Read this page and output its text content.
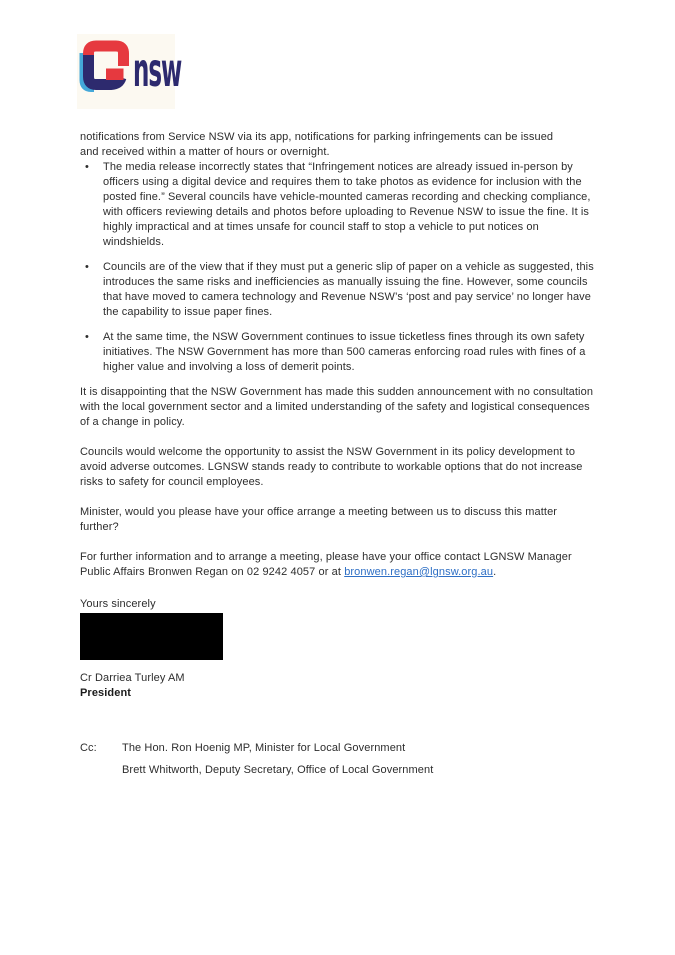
nsw

notifications from Service NSW via its app, notifications for parking infringements can be issued and received within a matter of hours or overnight.

• The media release incorrectly states that “Infringement notices are already issued in-person by officers using a digital device and requires them to take photos as evidence for inclusion with the posted fine.” Several councils have vehicle-mounted cameras recording and checking compliance, with officers reviewing details and photos before uploading to Revenue NSW to issue the fine. It is highly impractical and at times unsafe for council staff to stop a vehicle to put notices on windshields.
• Councils are of the view that if they must put a generic slip of paper on a vehicle as suggested, this introduces the same risks and inefficiencies as manually issuing the fine. However, some councils that have moved to camera technology and Revenue NSW’s ‘post and pay service’ no longer have the capability to issue paper fines.
• At the same time, the NSW Government continues to issue ticketless fines through its own safety initiatives. The NSW Government has more than 500 cameras enforcing road rules with fines of a higher value and involving a loss of demerit points.

It is disappointing that the NSW Government has made this sudden announcement with no consultation with the local government sector and a limited understanding of the safety and logistical consequences of a change in policy.

Councils would welcome the opportunity to assist the NSW Government in its policy development to avoid adverse outcomes. LGNSW stands ready to contribute to workable options that do not increase risks to safety for council employees.

Minister, would you please have your office arrange a meeting between us to discuss this matter further?

For further information and to arrange a meeting, please have your office contact LGNSW Manager Public Affairs Bronwen Regan on 02 9242 4057 or at bronwen.regan@lgnsw.org.au.

Yours sincerely

Cr Darriea Turley AM

President

Cc:	The Hon. Ron Hoenig MP, Minister for Local Government
Brett Whitworth, Deputy Secretary, Office of Local Government
